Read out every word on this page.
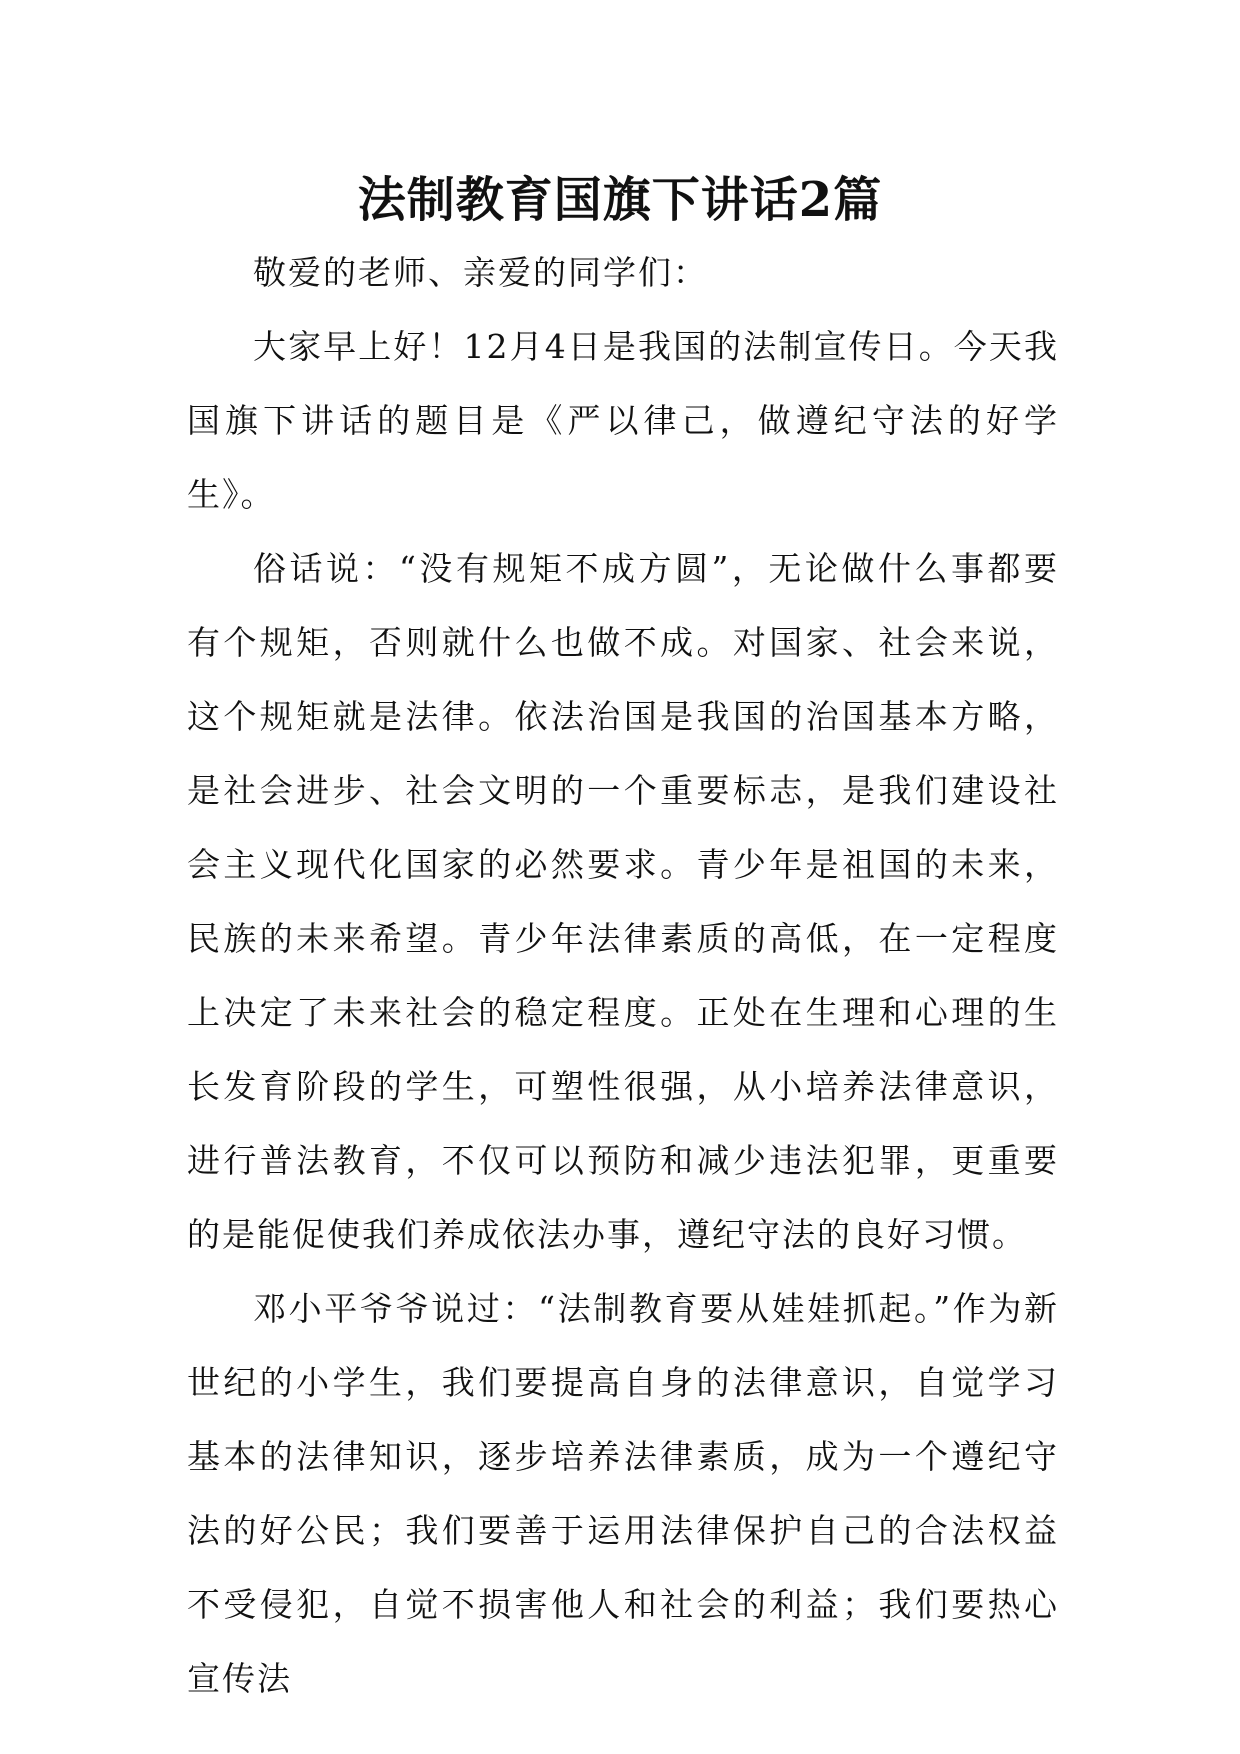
法制教育国旗下讲话2篇

敬爱的老师、亲爱的同学们：

大家早上好！12月4日是我国的法制宣传日。今天我国旗下讲话的题目是《严以律己，做遵纪守法的好学生》。

俗话说：“没有规矩不成方圆”，无论做什么事都要有个规矩，否则就什么也做不成。对国家、社会来说，这个规矩就是法律。依法治国是我国的治国基本方略，是社会进步、社会文明的一个重要标志，是我们建设社会主义现代化国家的必然要求。青少年是祖国的未来，民族的未来希望。青少年法律素质的高低，在一定程度上决定了未来社会的稳定程度。正处在生理和心理的生长发育阶段的学生，可塑性很强，从小培养法律意识，进行普法教育，不仅可以预防和减少违法犯罪，更重要的是能促使我们养成依法办事，遵纪守法的良好习惯。

邓小平爷爷说过：“法制教育要从娃娃抓起。”作为新世纪的小学生，我们要提高自身的法律意识，自觉学习基本的法律知识，逐步培养法律素质，成为一个遵纪守法的好公民；我们要善于运用法律保护自己的合法权益不受侵犯，自觉不损害他人和社会的利益；我们要热心宣传法
